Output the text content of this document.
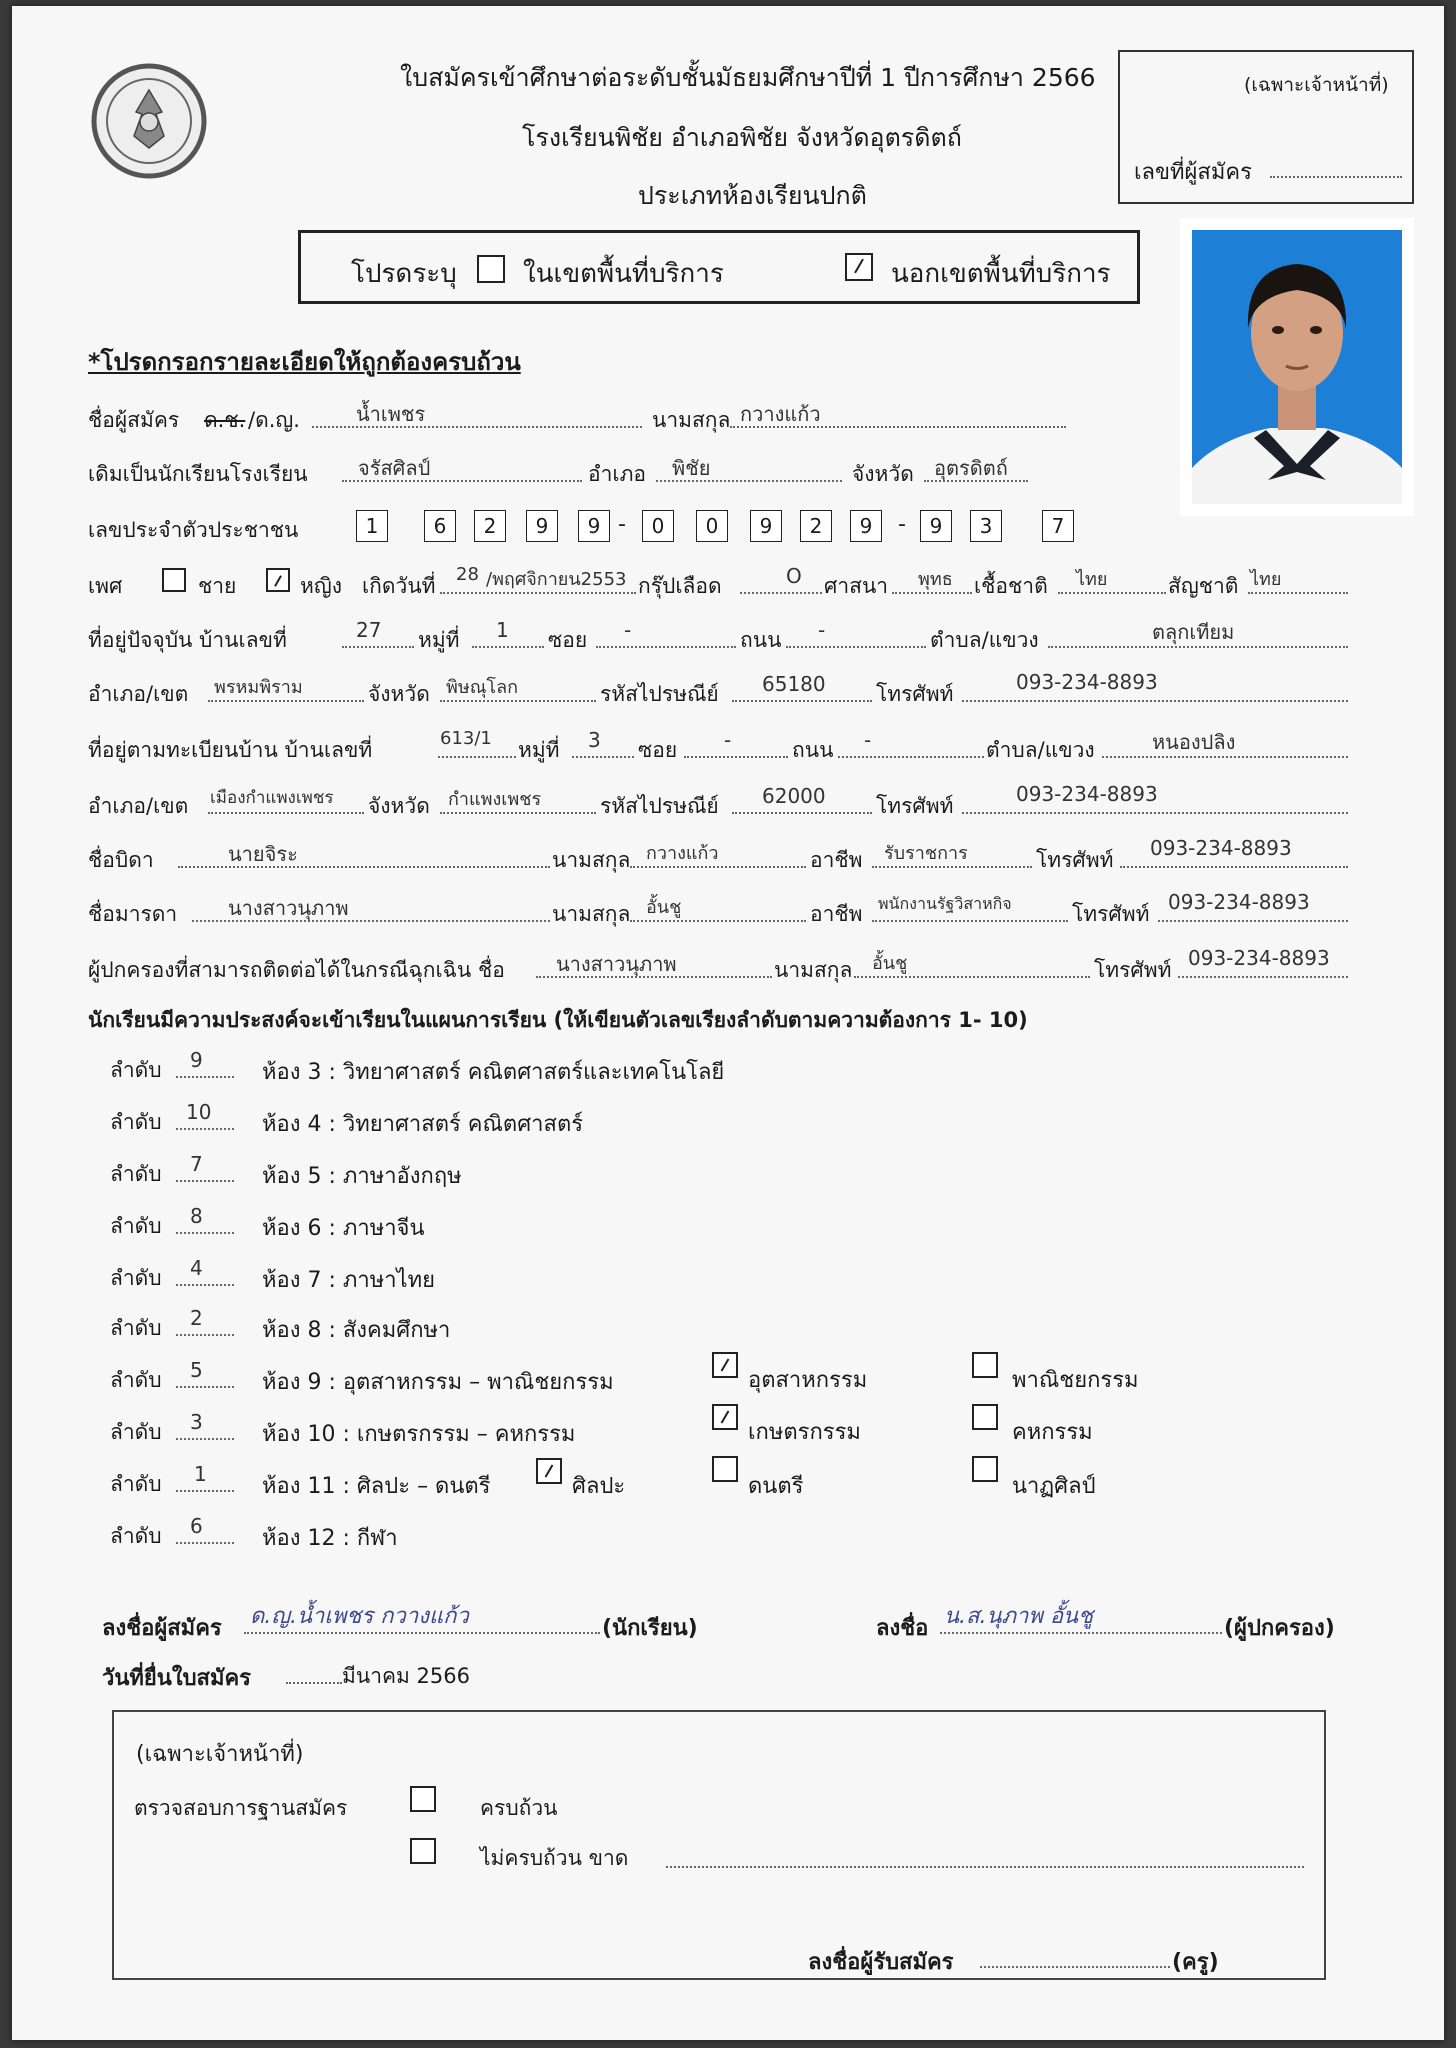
ใบสมัครเข้าศึกษาต่อระดับชั้นมัธยมศึกษาปีที่ 1 ปีการศึกษา 2566
โรงเรียนพิชัย อำเภอพิชัย จังหวัดอุตรดิตถ์
ประเภทห้องเรียนปกติ
(เฉพาะเจ้าหน้าที่)
เลขที่ผู้สมัคร
โปรดระบุ	ในเขตพื้นที่บริการ	นอกเขตพื้นที่บริการ
*โปรดกรอกรายละเอียดให้ถูกต้องครบถ้วน
ชื่อผู้สมัคร ด.ช. /ด.ญ.	น้ำเพชร	นามสกุล กวางแก้ว
เดิมเป็นนักเรียนโรงเรียน	จรัสศิลป์	อำเภอ พิชัย	จังหวัด อุตรดิตถ์
เลขประจำตัวประชาชน	1	6	2	9	9 -	0	0	9	2	9	-	9	3	7
เพศ	ชาย	หญิง เกิดวันที่ 28 /พฤศจิกายน2553 กรุ๊ปเลือด	O ศาสนา พุทธ เชื้อชาติ ไทย	สัญชาติ ไทย
ที่อยู่ปัจจุบัน บ้านเลขที่	27 หมู่ที่ 1 ซอย -	ถนน -	ตำบล/แขวง	ตลุกเทียม
อำเภอ/เขต พรหมพิราม	จังหวัด พิษณุโลก	รหัสไปรษณีย์ 65180 โทรศัพท์	093-234-8893
ที่อยู่ตามทะเบียนบ้าน บ้านเลขที่	613/1 หมู่ที่ 3 ซอย -	ถนน -	ตำบล/แขวง	หนองปลิง
อำเภอ/เขต เมืองกำแพงเพชร จังหวัด กำแพงเพชร	รหัสไปรษณีย์ 62000 โทรศัพท์	093-234-8893
ชื่อบิดา	นายจิระ	นามสกุล กวางแก้ว	อาชีพ รับราชการ	โทรศัพท์ 093-234-8893
ชื่อมารดา	นางสาวนุภาพ	นามสกุล อั้นชู	อาชีพ พนักงานรัฐวิสาหกิจ	โทรศัพท์ 093-234-8893
ผู้ปกครองที่สามารถติดต่อได้ในกรณีฉุกเฉิน ชื่อ	นางสาวนุภาพ	นามสกุล อั้นชู	โทรศัพท์ 093-234-8893
นักเรียนมีความประสงค์จะเข้าเรียนในแผนการเรียน (ให้เขียนตัวเลขเรียงลำดับตามความต้องการ 1- 10)
ลำดับ 9	ห้อง 3 : วิทยาศาสตร์ คณิตศาสตร์และเทคโนโลยี
ลำดับ 10 ห้อง 4 : วิทยาศาสตร์ คณิตศาสตร์
ลำดับ 7	ห้อง 5 : ภาษาอังกฤษ
ลำดับ 8	ห้อง 6 : ภาษาจีน
ลำดับ 4	ห้อง 7 : ภาษาไทย
ลำดับ 2	ห้อง 8 : สังคมศึกษา
ลำดับ 5	ห้อง 9 : อุตสาหกรรม – พาณิชยกรรม	อุตสาหกรรม	พาณิชยกรรม
ลำดับ 3	ห้อง 10 : เกษตรกรรม – คหกรรม	เกษตรกรรม	คหกรรม
ลำดับ 1	ห้อง 11 : ศิลปะ – ดนตรี	ศิลปะ	ดนตรี	นาฏศิลป์
ลำดับ 6	ห้อง 12 : กีฬา
ลงชื่อผู้สมัคร ด.ญ.น้ำเพชร กวางแก้ว	(นักเรียน)	ลงชื่อ น.ส.นุภาพ อั้นชู	(ผู้ปกครอง)
วันที่ยื่นใบสมัคร	มีนาคม 2566
(เฉพาะเจ้าหน้าที่)
ตรวจสอบการฐานสมัคร	ครบถ้วน
ไม่ครบถ้วน ขาด
ลงชื่อผู้รับสมัคร	(ครู)
